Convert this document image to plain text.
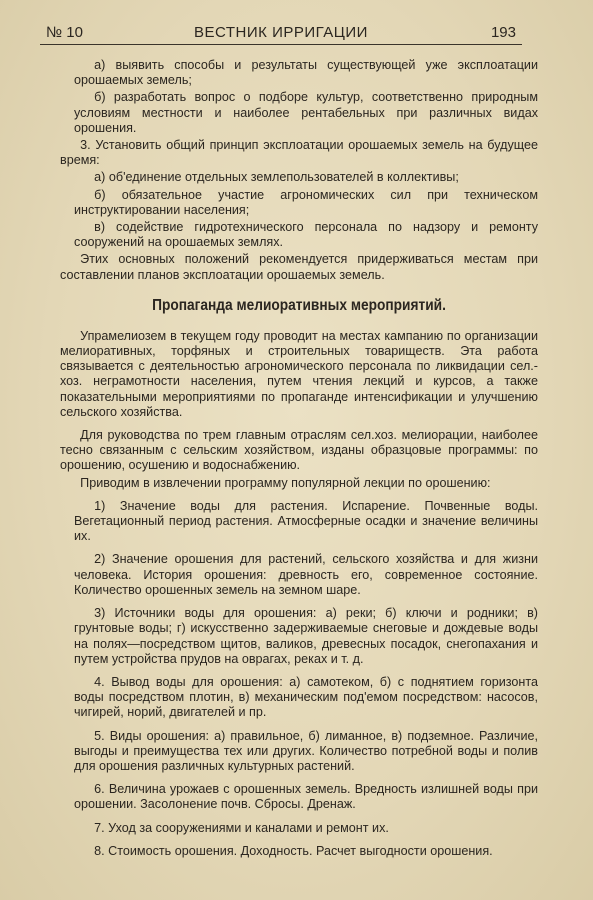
№ 10	ВЕСТНИК ИРРИГАЦИИ	193

а) выявить способы и результаты существующей уже эксплоатации орошаемых земель;

б) разработать вопрос о подборе культур, соответственно природным условиям местности и наиболее рентабельных при различных видах орошения.

3. Установить общий принцип эксплоатации орошаемых земель на будущее время:

а) об'единение отдельных землепользователей в коллективы;

б) обязательное участие агрономических сил при техническом инструктировании населения;

в) содействие гидротехнического персонала по надзору и ремонту сооружений на орошаемых землях.

Этих основных положений рекомендуется придерживаться местам при составлении планов эксплоатации орошаемых земель.

Пропаганда мелиоративных мероприятий.

Упрамелиозем в текущем году проводит на местах кампанию по организации мелиоративных, торфяных и строительных товариществ. Эта работа связывается с деятельностью агрономического персонала по ликвидации сел.-хоз. неграмотности населения, путем чтения лекций и курсов, а также показательными мероприятиями по пропаганде интенсификации и улучшению сельского хозяйства.

Для руководства по трем главным отраслям сел.хоз. мелиорации, наиболее тесно связанным с сельским хозяйством, изданы образцовые программы: по орошению, осушению и водоснабжению.

Приводим в извлечении программу популярной лекции по орошению:

1) Значение воды для растения. Испарение. Почвенные воды. Вегетационный период растения. Атмосферные осадки и значение величины их.

2) Значение орошения для растений, сельского хозяйства и для жизни человека. История орошения: древность его, современное состояние. Количество орошенных земель на земном шаре.

3) Источники воды для орошения: а) реки; б) ключи и родники; в) грунтовые воды; г) искусственно задерживаемые снеговые и дождевые воды на полях—посредством щитов, валиков, древесных посадок, снегопахания и путем устройства прудов на оврагах, реках и т. д.

4. Вывод воды для орошения: а) самотеком, б) с поднятием горизонта воды посредством плотин, в) механическим под'емом посредством: насосов, чигирей, норий, двигателей и пр.

5. Виды орошения: а) правильное, б) лиманное, в) подземное. Различие, выгоды и преимущества тех или других. Количество потребной воды и полив для орошения различных культурных растений.

6. Величина урожаев с орошенных земель. Вредность излишней воды при орошении. Засолонение почв. Сбросы. Дренаж.

7. Уход за сооружениями и каналами и ремонт их.

8. Стоимость орошения. Доходность. Расчет выгодности орошения.
